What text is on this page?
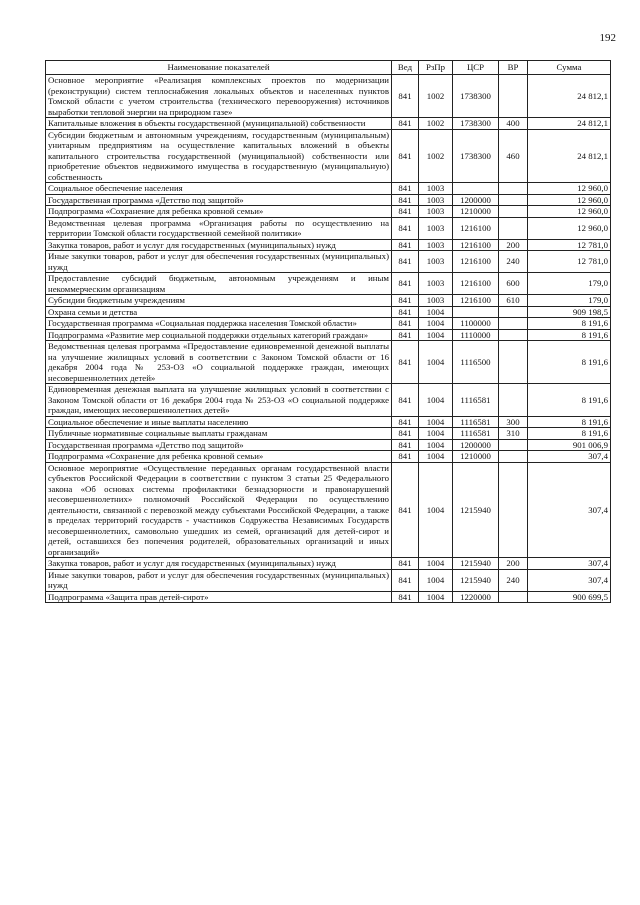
192
Наименование показателей	Вед	РзПр	ЦСР	ВР	Сумма
Основное мероприятие «Реализация комплексных проектов по модернизации (реконструкции) систем теплоснабжения локальных объектов и населенных пунктов Томской области с учетом строительства (технического перевооружения) источников выработки тепловой энергии на природном газе»	841	1002	1738300		24 812,1
Капитальные вложения в объекты государственной (муниципальной) собственности	841	1002	1738300	400	24 812,1
Субсидии бюджетным и автономным учреждениям, государственным (муниципальным) унитарным предприятиям на осуществление капитальных вложений в объекты капитального строительства государственной (муниципальной) собственности или приобретение объектов недвижимого имущества в государственную (муниципальную) собственность	841	1002	1738300	460	24 812,1
Социальное обеспечение населения	841	1003			12 960,0
Государственная программа «Детство под защитой»	841	1003	1200000		12 960,0
Подпрограмма «Сохранение для ребенка кровной семьи»	841	1003	1210000		12 960,0
Ведомственная целевая программа «Организация работы по осуществлению на территории Томской области государственной семейной политики»	841	1003	1216100		12 960,0
Закупка товаров, работ и услуг для государственных (муниципальных) нужд	841	1003	1216100	200	12 781,0
Иные закупки товаров, работ и услуг для обеспечения государственных (муниципальных) нужд	841	1003	1216100	240	12 781,0
Предоставление субсидий бюджетным, автономным учреждениям и иным некоммерческим организациям	841	1003	1216100	600	179,0
Субсидии бюджетным учреждениям	841	1003	1216100	610	179,0
Охрана семьи и детства	841	1004			909 198,5
Государственная программа «Социальная поддержка населения Томской области»	841	1004	1100000		8 191,6
Подпрограмма «Развитие мер социальной поддержки отдельных категорий граждан»	841	1004	1110000		8 191,6
Ведомственная целевая программа «Предоставление единовременной денежной выплаты на улучшение жилищных условий в соответствии с Законом Томской области от 16 декабря 2004 года № 253-ОЗ «О социальной поддержке граждан, имеющих несовершеннолетних детей»	841	1004	1116500		8 191,6
Единовременная денежная выплата на улучшение жилищных условий в соответствии с Законом Томской области от 16 декабря 2004 года № 253-ОЗ «О социальной поддержке граждан, имеющих несовершеннолетних детей»	841	1004	1116581		8 191,6
Социальное обеспечение и иные выплаты населению	841	1004	1116581	300	8 191,6
Публичные нормативные социальные выплаты гражданам	841	1004	1116581	310	8 191,6
Государственная программа «Детство под защитой»	841	1004	1200000		901 006,9
Подпрограмма «Сохранение для ребенка кровной семьи»	841	1004	1210000		307,4
Основное мероприятие «Осуществление переданных органам государственной власти субъектов Российской Федерации в соответствии с пунктом 3 статьи 25 Федерального закона «Об основах системы профилактики безнадзорности и правонарушений несовершеннолетних» полномочий Российской Федерации по осуществлению деятельности, связанной с перевозкой между субъектами Российской Федерации, а также в пределах территорий государств - участников Содружества Независимых Государств несовершеннолетних, самовольно ушедших из семей, организаций для детей-сирот и детей, оставшихся без попечения родителей, образовательных организаций и иных организаций»	841	1004	1215940		307,4
Закупка товаров, работ и услуг для государственных (муниципальных) нужд	841	1004	1215940	200	307,4
Иные закупки товаров, работ и услуг для обеспечения государственных (муниципальных) нужд	841	1004	1215940	240	307,4
Подпрограмма «Защита прав детей-сирот»	841	1004	1220000		900 699,5
